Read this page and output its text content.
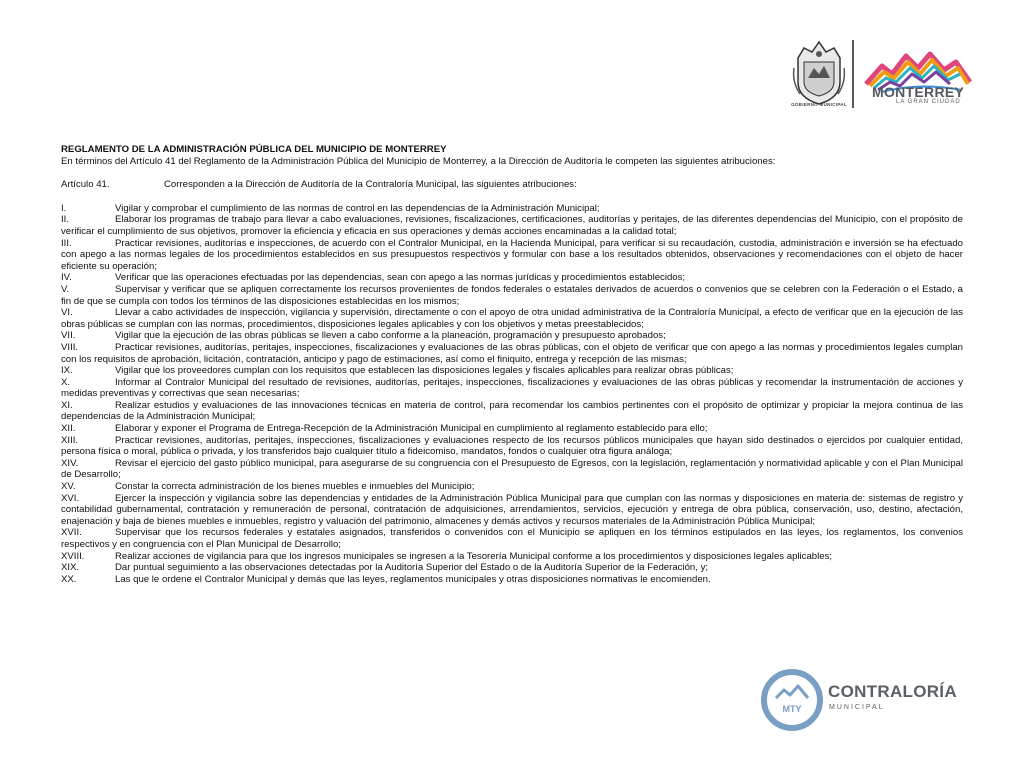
GOBIERNO MUNICIPAL
MONTERREY
LA GRAN CIUDAD

REGLAMENTO DE LA ADMINISTRACIÓN PÚBLICA DEL MUNICIPIO DE MONTERREY

En términos del Artículo 41 del Reglamento de la Administración Pública del Municipio de Monterrey, a la Dirección de Auditoría le competen las siguientes atribuciones:

Artículo 41.	Corresponden a la Dirección de Auditoría de la Contraloría Municipal, las siguientes atribuciones:
I.	Vigilar y comprobar el cumplimiento de las normas de control en las dependencias de la Administración Municipal;
II.	Elaborar los programas de trabajo para llevar a cabo evaluaciones, revisiones, fiscalizaciones, certificaciones, auditorías y peritajes, de las diferentes dependencias del Municipio, con el propósito de verificar el cumplimiento de sus objetivos, promover la eficiencia y eficacia en sus operaciones y demás acciones encaminadas a la calidad total;
III.	Practicar revisiones, auditorías e inspecciones, de acuerdo con el Contralor Municipal, en la Hacienda Municipal, para verificar si su recaudación, custodia, administración e inversión se ha efectuado con apego a las normas legales de los procedimientos establecidos en sus presupuestos respectivos y formular con base a los resultados obtenidos, observaciones y recomendaciones con el objeto de hacer eficiente su operación;
IV.	Verificar que las operaciones efectuadas por las dependencias, sean con apego a las normas jurídicas y procedimientos establecidos;
V.	Supervisar y verificar que se apliquen correctamente los recursos provenientes de fondos federales o estatales derivados de acuerdos o convenios que se celebren con la Federación o el Estado, a fin de que se cumpla con todos los términos de las disposiciones establecidas en los mismos;
VI.	Llevar a cabo actividades de inspección, vigilancia y supervisión, directamente o con el apoyo de otra unidad administrativa de la Contraloría Municipal, a efecto de verificar que en la ejecución de las obras públicas se cumplan con las normas, procedimientos, disposiciones legales aplicables y con los objetivos y metas preestablecidos;
VII.	Vigilar que la ejecución de las obras públicas se lleven a cabo conforme a la planeación, programación y presupuesto aprobados;
VIII.	Practicar revisiones, auditorías, peritajes, inspecciones, fiscalizaciones y evaluaciones de las obras públicas, con el objeto de verificar que con apego a las normas y procedimientos legales cumplan con los requisitos de aprobación, licitación, contratación, anticipo y pago de estimaciones, así como el finiquito, entrega y recepción de las mismas;
IX.	Vigilar que los proveedores cumplan con los requisitos que establecen las disposiciones legales y fiscales aplicables para realizar obras públicas;
X.	Informar al Contralor Municipal del resultado de revisiones, auditorías, peritajes, inspecciones, fiscalizaciones y evaluaciones de las obras públicas y recomendar la instrumentación de acciones y medidas preventivas y correctivas que sean necesarias;
XI.	Realizar estudios y evaluaciones de las innovaciones técnicas en materia de control, para recomendar los cambios pertinentes con el propósito de optimizar y propiciar la mejora continua de las dependencias de la Administración Municipal;
XII.	Elaborar y exponer el Programa de Entrega-Recepción de la Administración Municipal en cumplimiento al reglamento establecido para ello;
XIII.	Practicar revisiones, auditorías, peritajes, inspecciones, fiscalizaciones y evaluaciones respecto de los recursos públicos municipales que hayan sido destinados o ejercidos por cualquier entidad, persona física o moral, pública o privada, y los transferidos bajo cualquier título a fideicomiso, mandatos, fondos o cualquier otra figura análoga;
XIV.	Revisar el ejercicio del gasto público municipal, para asegurarse de su congruencia con el Presupuesto de Egresos, con la legislación, reglamentación y normatividad aplicable y con el Plan Municipal de Desarrollo;
XV.	Constar la correcta administración de los bienes muebles e inmuebles del Municipio;
XVI.	Ejercer la inspección y vigilancia sobre las dependencias y entidades de la Administración Pública Municipal para que cumplan con las normas y disposiciones en materia de: sistemas de registro y contabilidad gubernamental, contratación y remuneración de personal, contratación de adquisiciones, arrendamientos, servicios, ejecución y entrega de obra pública, conservación, uso, destino, afectación, enajenación y baja de bienes muebles e inmuebles, registro y valuación del patrimonio, almacenes y demás activos y recursos materiales de la Administración Pública Municipal;
XVII.	Supervisar que los recursos federales y estatales asignados, transferidos o convenidos con el Municipio se apliquen en los términos estipulados en las leyes, los reglamentos, los convenios respectivos y en congruencia con el Plan Municipal de Desarrollo;
XVIII.	Realizar acciones de vigilancia para que los ingresos municipales se ingresen a la Tesorería Municipal conforme a los procedimientos y disposiciones legales aplicables;
XIX.	Dar puntual seguimiento a las observaciones detectadas por la Auditoría Superior del Estado o de la Auditoría Superior de la Federación, y;
XX.	Las que le ordene el Contralor Municipal y demás que las leyes, reglamentos municipales y otras disposiciones normativas le encomienden.
MTY
CONTRALORÍA
MUNICIPAL
